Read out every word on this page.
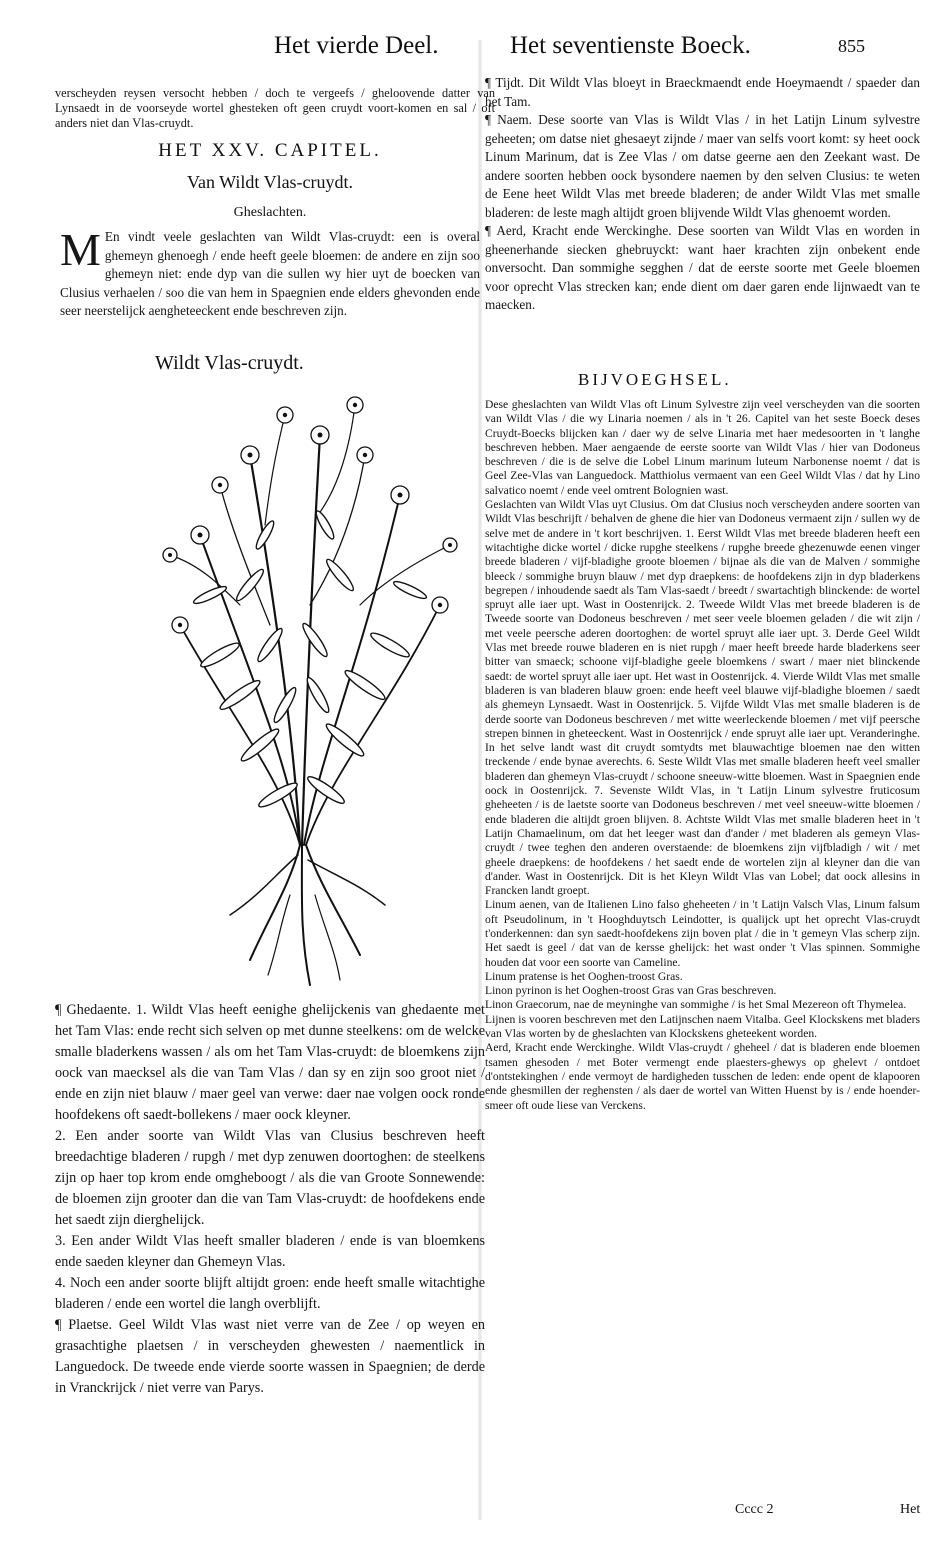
Het vierde Deel.	Het seventienste Boeck.	855

verscheyden reysen versocht hebben / doch te vergeefs / gheloovende datter van Lynsaedt in de voorseyde wortel ghesteken oft geen cruydt voort-komen en sal / oft anders niet dan Vlas-cruydt.

HET XXV. CAPITEL.
Van Wildt Vlas-cruydt.
Gheslachten.
M En vindt veele geslachten van Wildt Vlas-cruydt: een is overal ghemeyn ghenoegh / ende heeft geele bloemen: de andere en zijn soo ghemeyn niet: ende dyp van die sullen wy hier uyt de boecken van Clusius verhaelen / soo die van hem in Spaegnien ende elders ghevonden ende seer neerstelijck aengheteeckent ende beschreven zijn.

Wildt Vlas-cruydt.

¶ Ghedaente. 1. Wildt Vlas heeft eenighe ghelijckenis van ghedaente met het Tam Vlas: ende recht sich selven op met dunne steelkens: om de welcke smalle bladerkens wassen / als om het Tam Vlas-cruydt: de bloemkens zijn oock van maecksel als die van Tam Vlas / dan sy en zijn soo groot niet / ende en zijn niet blauw / maer geel van verwe: daer nae volgen oock ronde hoofdekens oft saedt-bollekens / maer oock kleyner.

2. Een ander soorte van Wildt Vlas van Clusius beschreven heeft breedachtige bladeren / rupgh / met dyp zenuwen doortoghen: de steelkens zijn op haer top krom ende omgheboogt / als die van Groote Sonnewende: de bloemen zijn grooter dan die van Tam Vlas-cruydt: de hoofdekens ende het saedt zijn dierghelijck.

3. Een ander Wildt Vlas heeft smaller bladeren / ende is van bloemkens ende saeden kleyner dan Ghemeyn Vlas.

4. Noch een ander soorte blijft altijdt groen: ende heeft smalle witachtighe bladeren / ende een wortel die langh overblijft.

¶ Plaetse. Geel Wildt Vlas wast niet verre van de Zee / op weyen en grasachtighe plaetsen / in verscheyden ghewesten / naementlick in Languedock. De tweede ende vierde soorte wassen in Spaegnien; de derde in Vranckrijck / niet verre van Parys.

¶ Tijdt. Dit Wildt Vlas bloeyt in Braeckmaendt ende Hoeymaendt / spaeder dan het Tam.

¶ Naem. Dese soorte van Vlas is Wildt Vlas / in het Latijn Linum sylvestre geheeten; om datse niet ghesaeyt zijnde / maer van selfs voort komt: sy heet oock Linum Marinum, dat is Zee Vlas / om datse geerne aen den Zeekant wast. De andere soorten hebben oock bysondere naemen by den selven Clusius: te weten de Eene heet Wildt Vlas met breede bladeren; de ander Wildt Vlas met smalle bladeren: de leste magh altijdt groen blijvende Wildt Vlas ghenoemt worden.

¶ Aerd, Kracht ende Werckinghe. Dese soorten van Wildt Vlas en worden in gheenerhande siecken ghebruyckt: want haer krachten zijn onbekent ende onversocht. Dan sommighe segghen / dat de eerste soorte met Geele bloemen voor oprecht Vlas strecken kan; ende dient om daer garen ende lijnwaedt van te maecken.

BIJVOEGHSEL.

Dese gheslachten van Wildt Vlas oft Linum Sylvestre zijn veel verscheyden van die soorten van Wildt Vlas / die wy Linaria noemen / als in 't 26. Capitel van het seste Boeck deses Cruydt-Boecks blijcken kan / daer wy de selve Linaria met haer medesoorten in 't langhe beschreven hebben. Maer aengaende de eerste soorte van Wildt Vlas / hier van Dodoneus beschreven / die is de selve die Lobel Linum marinum luteum Narbonense noemt / dat is Geel Zee-Vlas van Languedock. Matthiolus vermaent van een Geel Wildt Vlas / dat hy Lino salvatico noemt / ende veel omtrent Bolognien wast.

Geslachten van Wildt Vlas uyt Clusius. Om dat Clusius noch verscheyden andere soorten van Wildt Vlas beschrijft / behalven de ghene die hier van Dodoneus vermaent zijn / sullen wy de selve met de andere in 't kort beschrijven. 1. Eerst Wildt Vlas met breede bladeren heeft een witachtighe dicke wortel / dicke rupghe steelkens / rupghe breede ghezenuwde eenen vinger breede bladeren / vijf-bladighe groote bloemen / bijnae als die van de Malven / sommighe bleeck / sommighe bruyn blauw / met dyp draepkens: de hoofdekens zijn in dyp bladerkens begrepen / inhoudende saedt als Tam Vlas-saedt / breedt / swartachtigh blinckende: de wortel spruyt alle iaer upt. Wast in Oostenrijck. 2. Tweede Wildt Vlas met breede bladeren is de Tweede soorte van Dodoneus beschreven / met seer veele bloemen geladen / die wit zijn / met veele peersche aderen doortoghen: de wortel spruyt alle iaer upt. 3. Derde Geel Wildt Vlas met breede rouwe bladeren en is niet rupgh / maer heeft breede harde bladerkens seer bitter van smaeck; schoone vijf-bladighe geele bloemkens / swart / maer niet blinckende saedt: de wortel spruyt alle iaer upt. Het wast in Oostenrijck. 4. Vierde Wildt Vlas met smalle bladeren is van bladeren blauw groen: ende heeft veel blauwe vijf-bladighe bloemen / saedt als ghemeyn Lynsaedt. Wast in Oostenrijck. 5. Vijfde Wildt Vlas met smalle bladeren is de derde soorte van Dodoneus beschreven / met witte weerleckende bloemen / met vijf peersche strepen binnen in gheteeckent. Wast in Oostenrijck / ende spruyt alle iaer upt. Veranderinghe. In het selve landt wast dit cruydt somtydts met blauwachtige bloemen nae den witten treckende / ende bynae averechts. 6. Seste Wildt Vlas met smalle bladeren heeft veel smaller bladeren dan ghemeyn Vlas-cruydt / schoone sneeuw-witte bloemen. Wast in Spaegnien ende oock in Oostenrijck. 7. Sevenste Wildt Vlas, in 't Latijn Linum sylvestre fruticosum gheheeten / is de laetste soorte van Dodoneus beschreven / met veel sneeuw-witte bloemen / ende bladeren die altijdt groen blijven. 8. Achtste Wildt Vlas met smalle bladeren heet in 't Latijn Chamaelinum, om dat het leeger wast dan d'ander / met bladeren als gemeyn Vlas-cruydt / twee teghen den anderen overstaende: de bloemkens zijn vijfbladigh / wit / met gheele draepkens: de hoofdekens / het saedt ende de wortelen zijn al kleyner dan die van d'ander. Wast in Oostenrijck. Dit is het Kleyn Wildt Vlas van Lobel; dat oock allesins in Francken landt groept.

Linum aenen, van de Italienen Lino falso gheheeten / in 't Latijn Valsch Vlas, Linum falsum oft Pseudolinum, in 't Hooghduytsch Leindotter, is qualijck upt het oprecht Vlas-cruydt t'onderkennen: dan syn saedt-hoofdekens zijn boven plat / die in 't gemeyn Vlas scherp zijn. Het saedt is geel / dat van de kersse ghelijck: het wast onder 't Vlas spinnen. Sommighe houden dat voor een soorte van Cameline.

Linum pratense is het Ooghen-troost Gras.

Linon pyrinon is het Ooghen-troost Gras van Gras beschreven.

Linon Graecorum, nae de meyninghe van sommighe / is het Smal Mezereon oft Thymelea.

Lijnen is vooren beschreven met den Latijnschen naem Vitalba. Geel Klockskens met bladers van Vlas worten by de gheslachten van Klockskens gheteekent worden.

Aerd, Kracht ende Werckinghe. Wildt Vlas-cruydt / gheheel / dat is bladeren ende bloemen tsamen ghesoden / met Boter vermengt ende plaesters-ghewys op ghelevt / ontdoet d'ontstekinghen / ende vermoyt de hardigheden tusschen de leden: ende opent de klapooren ende ghesmillen der reghensten / als daer de wortel van Witten Huenst by is / ende hoender-smeer oft oude liese van Verckens.

Cccc 2	Het
